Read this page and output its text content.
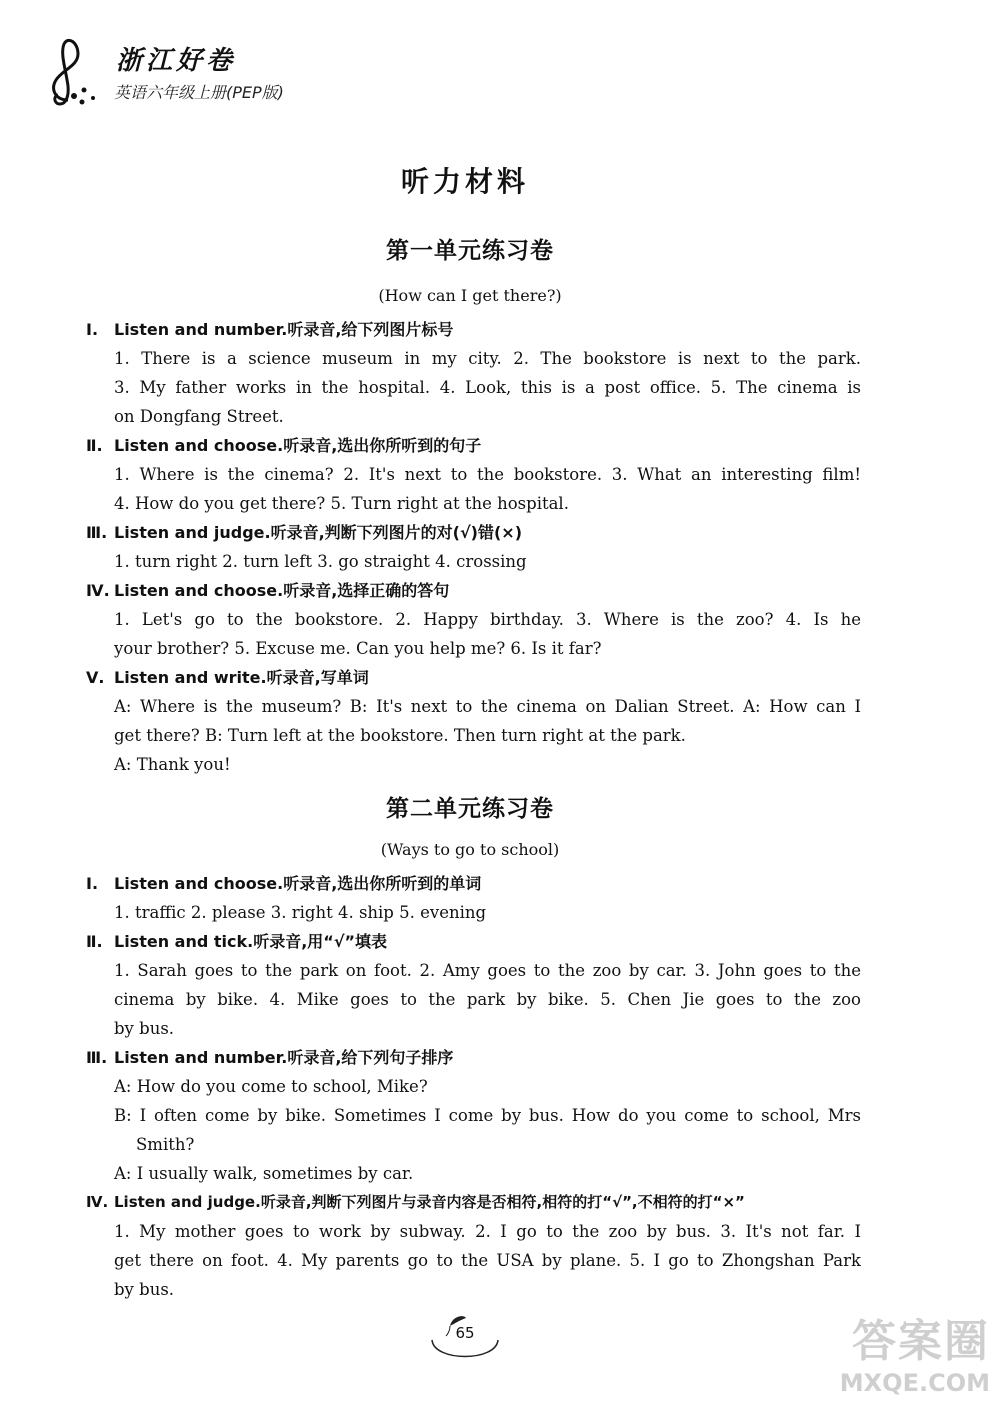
浙江好卷
英语六年级上册(PEP版)
听力材料
第一单元练习卷
(How can I get there?)
Ⅰ. Listen and number.听录音,给下列图片标号
1. There is a science museum in my city. 2. The bookstore is next to the park.
3. My father works in the hospital. 4. Look, this is a post office. 5. The cinema is
on Dongfang Street.
Ⅱ. Listen and choose.听录音,选出你所听到的句子
1. Where is the cinema? 2. It's next to the bookstore. 3. What an interesting film!
4. How do you get there? 5. Turn right at the hospital.
Ⅲ. Listen and judge.听录音,判断下列图片的对(√)错(×)
1. turn right 2. turn left 3. go straight 4. crossing
Ⅳ. Listen and choose.听录音,选择正确的答句
1. Let's go to the bookstore. 2. Happy birthday. 3. Where is the zoo? 4. Is he
your brother? 5. Excuse me. Can you help me? 6. Is it far?
Ⅴ. Listen and write.听录音,写单词
A: Where is the museum? B: It's next to the cinema on Dalian Street. A: How can I
get there? B: Turn left at the bookstore. Then turn right at the park.
A: Thank you!
第二单元练习卷
(Ways to go to school)
Ⅰ. Listen and choose.听录音,选出你所听到的单词
1. traffic 2. please 3. right 4. ship 5. evening
Ⅱ. Listen and tick.听录音,用“√”填表
1. Sarah goes to the park on foot. 2. Amy goes to the zoo by car. 3. John goes to the
cinema by bike. 4. Mike goes to the park by bike. 5. Chen Jie goes to the zoo
by bus.
Ⅲ. Listen and number.听录音,给下列句子排序
A: How do you come to school, Mike?
B: I often come by bike. Sometimes I come by bus. How do you come to school, Mrs
Smith?
A: I usually walk, sometimes by car.
Ⅳ. Listen and judge.听录音,判断下列图片与录音内容是否相符,相符的打“√”,不相符的打“×”
1. My mother goes to work by subway. 2. I go to the zoo by bus. 3. It's not far. I
get there on foot. 4. My parents go to the USA by plane. 5. I go to Zhongshan Park
by bus.
65	答案圈
MXQE.COM
